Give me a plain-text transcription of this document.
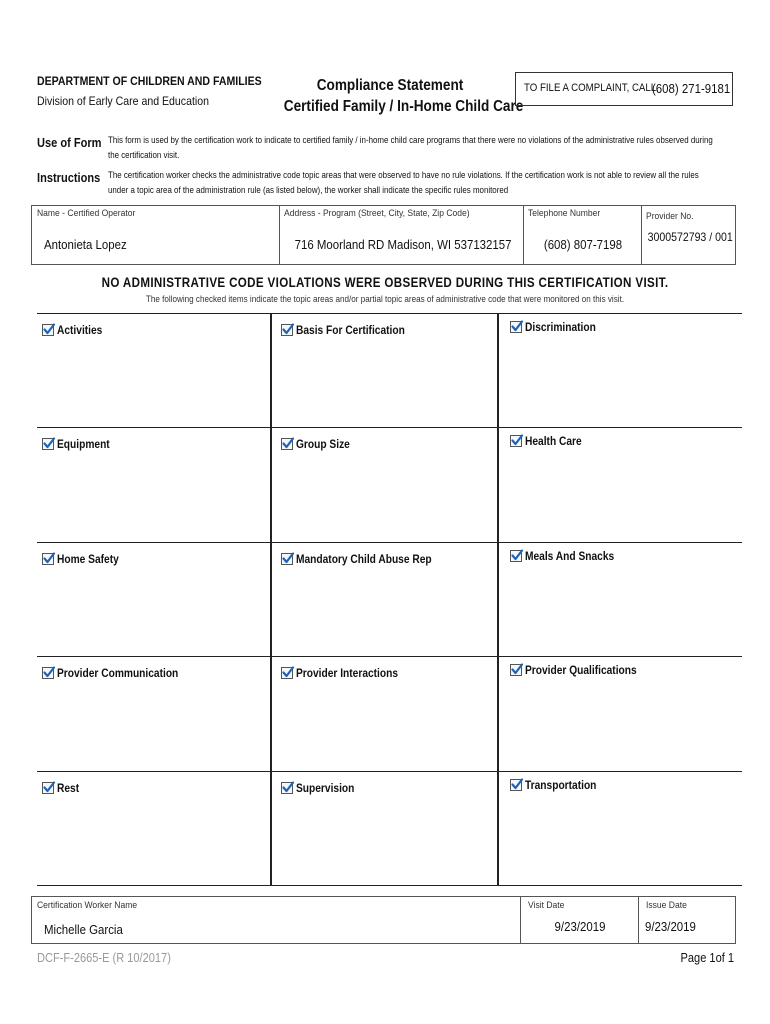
DEPARTMENT OF CHILDREN AND FAMILIES
Division of Early Care and Education
Compliance Statement
Certified Family / In-Home Child Care
TO FILE A COMPLAINT, CALL:
(608) 271-9181
Use of Form This form is used by the certification work to indicate to certified family / in-home child care programs that there were no violations of the administrative rules observed during the certification visit.
Instructions The certification worker checks the administrative code topic areas that were observed to have no rule violations. If the certification work is not able to review all the rules under a topic area of the administration rule (as listed below), the worker shall indicate the specific rules monitored
Name - Certified Operator
Antonieta Lopez
Address - Program (Street, City, State, Zip Code)
716 Moorland RD Madison, WI 537132157
Telephone Number
(608) 807-7198
Provider No.
3000572793 / 001
NO ADMINISTRATIVE CODE VIOLATIONS WERE OBSERVED DURING THIS CERTIFICATION VISIT.
The following checked items indicate the topic areas and/or partial topic areas of administrative code that were monitored on this visit.
Activities	Basis For Certification	Discrimination
Equipment	Group Size	Health Care
Home Safety	Mandatory Child Abuse Rep	Meals And Snacks
Provider Communication	Provider Interactions	Provider Qualifications
Rest	Supervision	Transportation
Certification Worker Name
Michelle Garcia
Visit Date
9/23/2019
Issue Date
9/23/2019
DCF-F-2665-E (R 10/2017)	Page 1of 1
